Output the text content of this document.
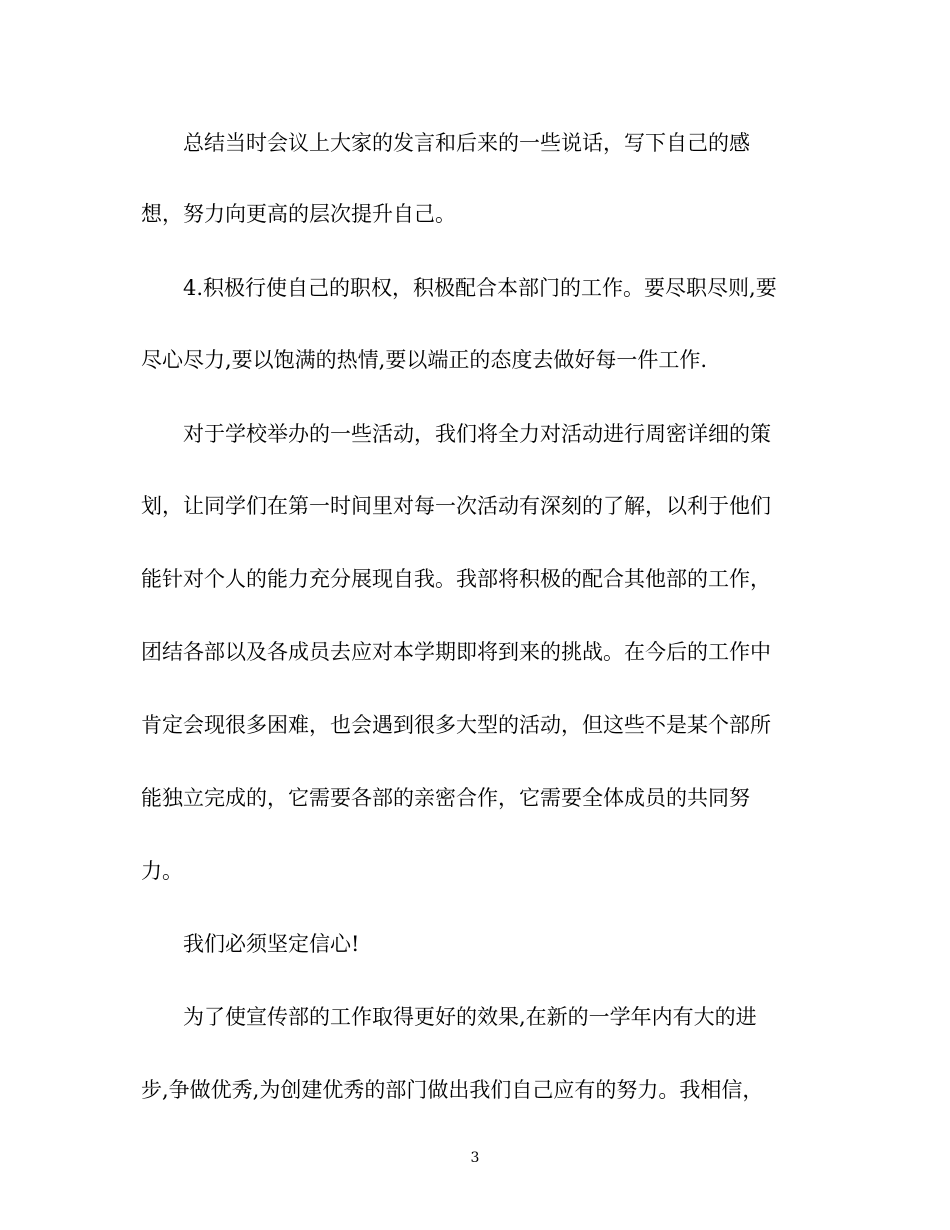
总结当时会议上大家的发言和后来的一些说话，写下自己的感
想，努力向更高的层次提升自己。
4.积极行使自己的职权，积极配合本部门的工作。要尽职尽则,要
尽心尽力,要以饱满的热情,要以端正的态度去做好每一件工作.
对于学校举办的一些活动，我们将全力对活动进行周密详细的策
划，让同学们在第一时间里对每一次活动有深刻的了解，以利于他们
能针对个人的能力充分展现自我。我部将积极的配合其他部的工作，
团结各部以及各成员去应对本学期即将到来的挑战。在今后的工作中
肯定会现很多困难，也会遇到很多大型的活动，但这些不是某个部所
能独立完成的，它需要各部的亲密合作，它需要全体成员的共同努
力。
我们必须坚定信心!
为了使宣传部的工作取得更好的效果,在新的一学年内有大的进
步,争做优秀,为创建优秀的部门做出我们自己应有的努力。我相信，
3
